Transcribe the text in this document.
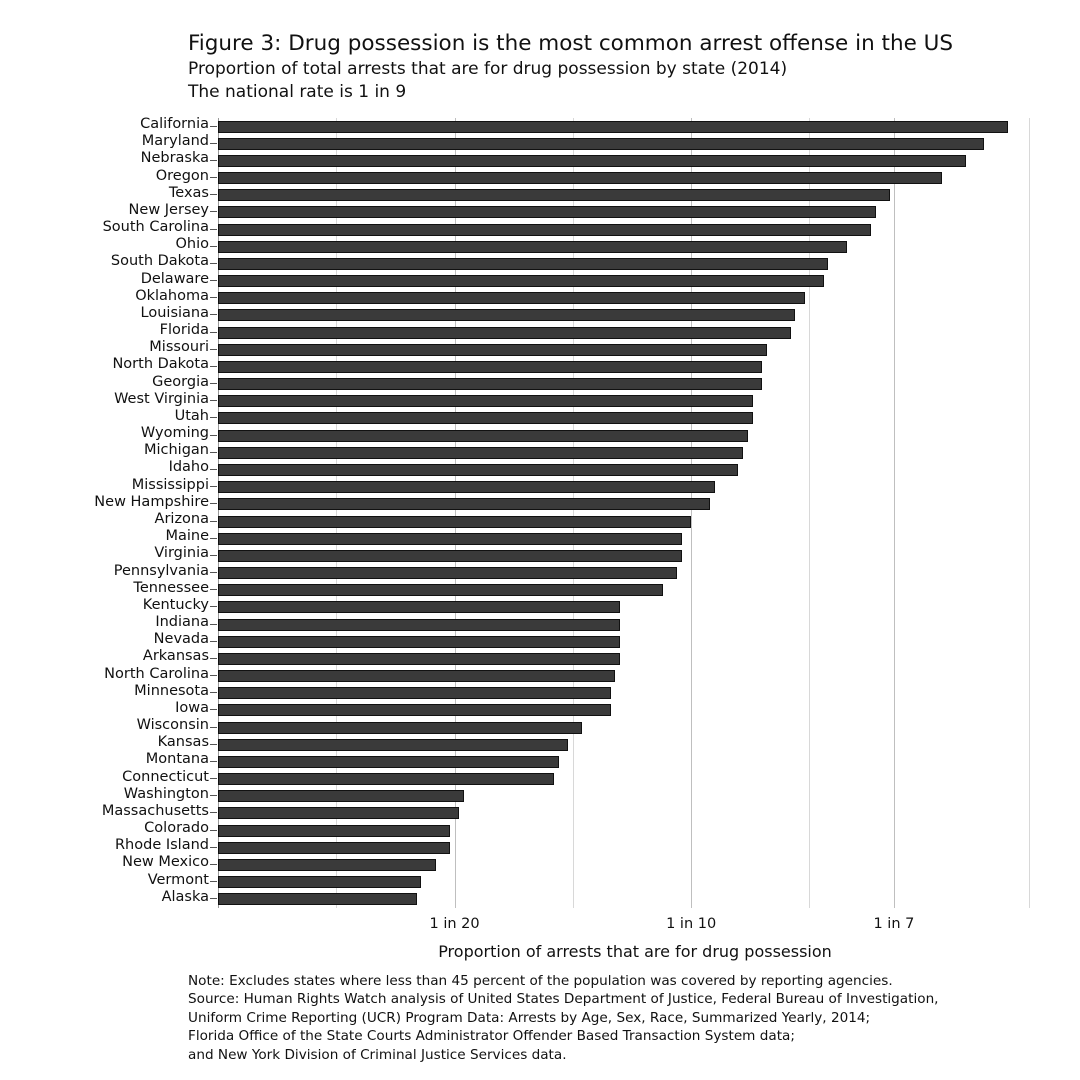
Figure 3: Drug possession is the most common arrest offense in the US
Proportion of total arrests that are for drug possession by state (2014)
The national rate is 1 in 9
California
Maryland
Nebraska
Oregon
Texas
New Jersey
South Carolina
Ohio
South Dakota
Delaware
Oklahoma
Louisiana
Florida
Missouri
North Dakota
Georgia
West Virginia
Utah
Wyoming
Michigan
Idaho
Mississippi
New Hampshire
Arizona
Maine
Virginia
Pennsylvania
Tennessee
Kentucky
Indiana
Nevada
Arkansas
North Carolina
Minnesota
Iowa
Wisconsin
Kansas
Montana
Connecticut
Washington
Massachusetts
Colorado
Rhode Island
New Mexico
Vermont
Alaska
Proportion of arrests that are for drug possession
Note: Excludes states where less than 45 percent of the population was covered by reporting agencies.
Source: Human Rights Watch analysis of United States Department of Justice, Federal Bureau of Investigation,
Uniform Crime Reporting (UCR) Program Data: Arrests by Age, Sex, Race, Summarized Yearly, 2014;
Florida Office of the State Courts Administrator Offender Based Transaction System data;
and New York Division of Criminal Justice Services data.
1 in 20	1 in 10	1 in 7
